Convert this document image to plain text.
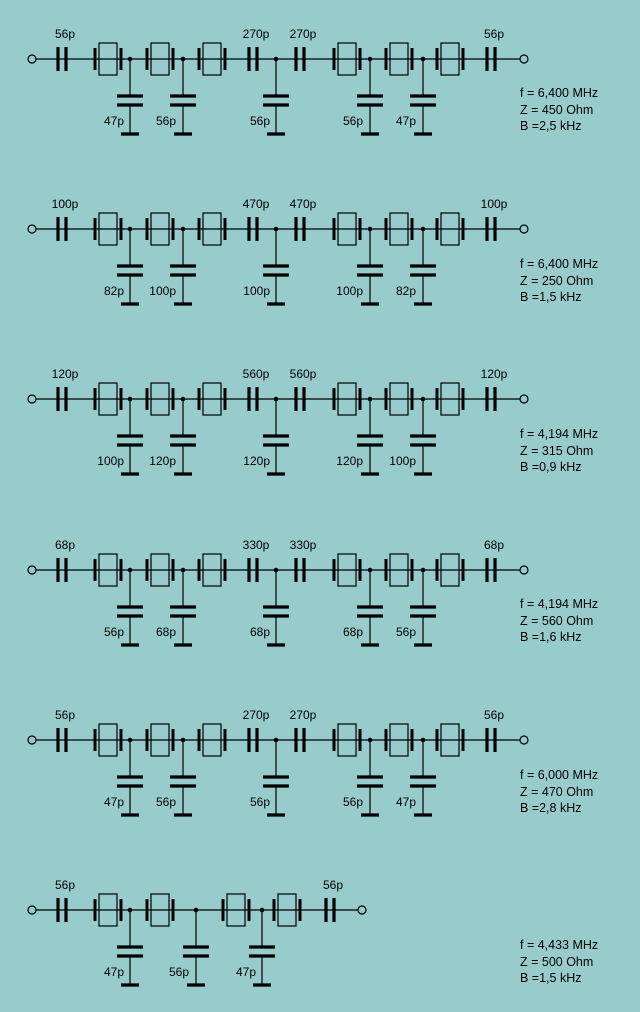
56p	270p 270p	56p
47p	56p	56p	56p	47p
100p	470p 470p	100p
82p 100p	100p	100p	82p
120p	560p 560p	120p
100p 120p	120p	120p 100p
68p	330p 330p	68p
56p	68p	68p	68p	56p
56p	270p 270p	56p
47p	56p	56p	56p	47p
56p	56p
47p	56p	47p
f = 6,400 MHz
Z = 450 Ohm
B =2,5 kHz
f = 6,400 MHz
Z = 250 Ohm
B =1,5 kHz
f = 4,194 MHz
Z = 315 Ohm
B =0,9 kHz
f = 4,194 MHz
Z = 560 Ohm
B =1,6 kHz
f = 6,000 MHz
Z = 470 Ohm
B =2,8 kHz
f = 4,433 MHz
Z = 500 Ohm
B =1,5 kHz
